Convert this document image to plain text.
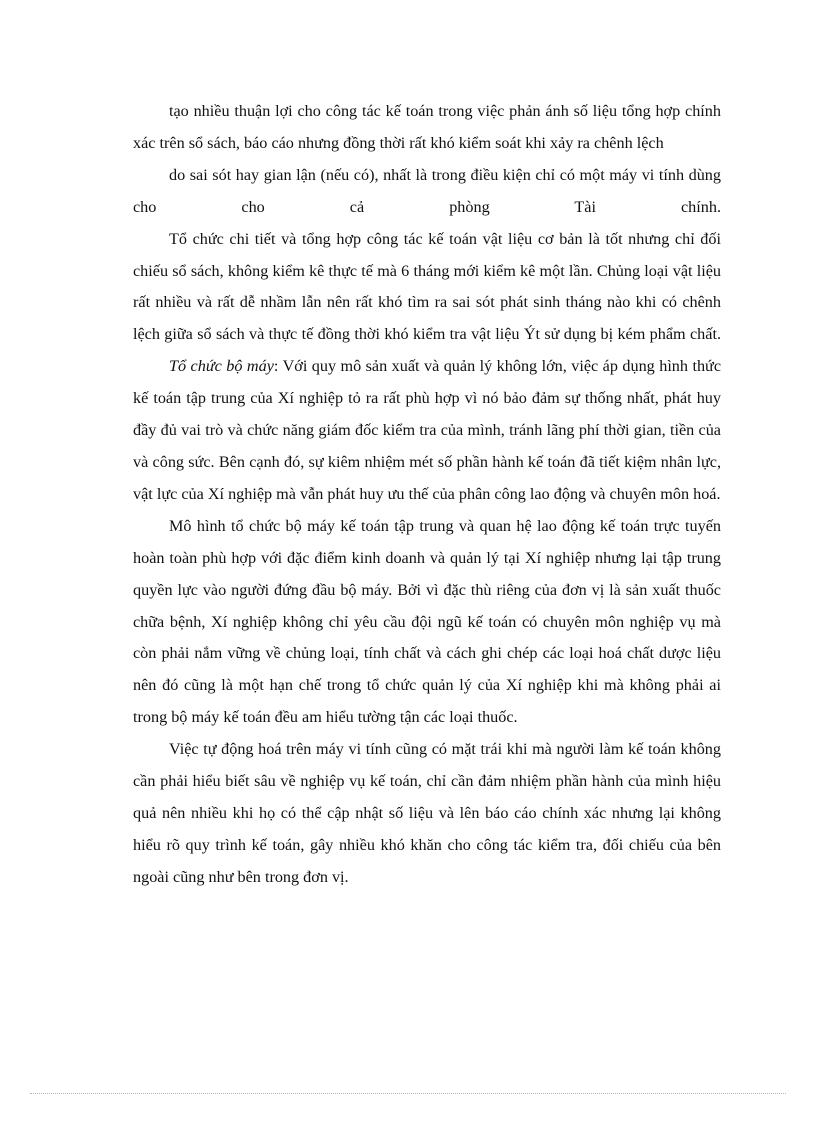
tạo nhiều thuận lợi cho công tác kế toán trong việc phản ánh số liệu tổng hợp chính xác trên sổ sách, báo cáo nhưng đồng thời rất khó kiểm soát khi xảy ra chênh lệch

do sai sót hay gian lận (nếu có), nhất là trong điều kiện chỉ có một máy vi tính dùng cho cho cả phòng Tài chính.

Tổ chức chi tiết và tổng hợp công tác kế toán vật liệu cơ bản là tốt nhưng chỉ đối chiếu sổ sách, không kiểm kê thực tế mà 6 tháng mới kiểm kê một lần. Chủng loại vật liệu rất nhiều và rất dễ nhầm lẫn nên rất khó tìm ra sai sót phát sinh tháng nào khi có chênh lệch giữa sổ sách và thực tế đồng thời khó kiểm tra vật liệu Ýt sử dụng bị kém phẩm chất.

Tổ chức bộ máy: Với quy mô sản xuất và quản lý không lớn, việc áp dụng hình thức kế toán tập trung của Xí nghiệp tỏ ra rất phù hợp vì nó bảo đảm sự thống nhất, phát huy đầy đủ vai trò và chức năng giám đốc kiểm tra của mình, tránh lãng phí thời gian, tiền của và công sức. Bên cạnh đó, sự kiêm nhiệm mét số phần hành kế toán đã tiết kiệm nhân lực, vật lực của Xí nghiệp mà vẫn phát huy ưu thế của phân công lao động và chuyên môn hoá.

Mô hình tổ chức bộ máy kế toán tập trung và quan hệ lao động kế toán trực tuyến hoàn toàn phù hợp với đặc điểm kinh doanh và quản lý tại Xí nghiệp nhưng lại tập trung quyền lực vào người đứng đầu bộ máy. Bởi vì đặc thù riêng của đơn vị là sản xuất thuốc chữa bệnh, Xí nghiệp không chỉ yêu cầu đội ngũ kế toán có chuyên môn nghiệp vụ mà còn phải nắm vững về chủng loại, tính chất và cách ghi chép các loại hoá chất dược liệu nên đó cũng là một hạn chế trong tổ chức quản lý của Xí nghiệp khi mà không phải ai trong bộ máy kế toán đều am hiểu tường tận các loại thuốc.

Việc tự động hoá trên máy vi tính cũng có mặt trái khi mà người làm kế toán không cần phải hiểu biết sâu về nghiệp vụ kế toán, chỉ cần đảm nhiệm phần hành của mình hiệu quả nên nhiều khi họ có thể cập nhật số liệu và lên báo cáo chính xác nhưng lại không hiểu rõ quy trình kế toán, gây nhiều khó khăn cho công tác kiểm tra, đối chiếu của bên ngoài cũng như bên trong đơn vị.
